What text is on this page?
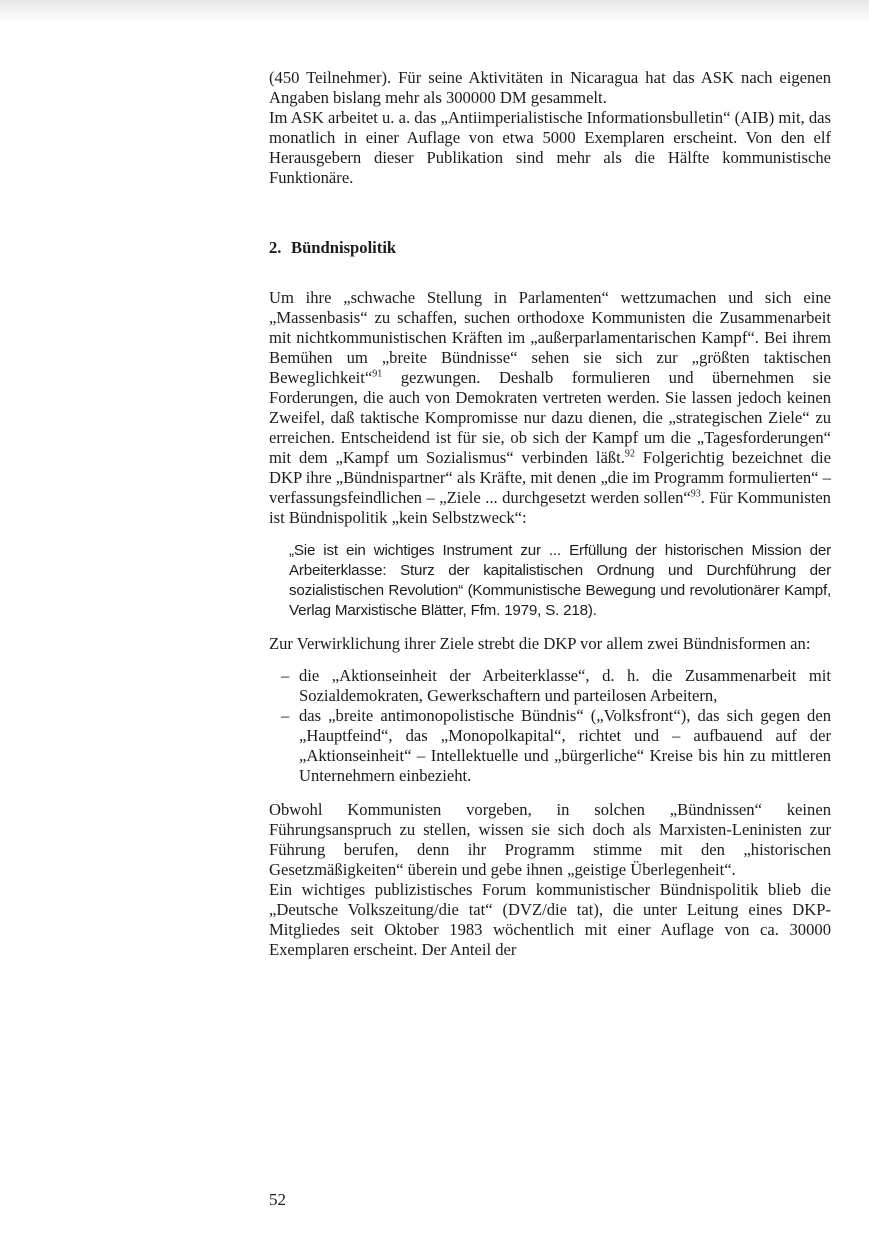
(450 Teilnehmer). Für seine Aktivitäten in Nicaragua hat das ASK nach eigenen Angaben bislang mehr als 300000 DM gesammelt.

Im ASK arbeitet u. a. das „Antiimperialistische Informationsbulletin“ (AIB) mit, das monatlich in einer Auflage von etwa 5000 Exemplaren erscheint. Von den elf Herausgebern dieser Publikation sind mehr als die Hälfte kommunistische Funktionäre.

2. Bündnispolitik

Um ihre „schwache Stellung in Parlamenten“ wettzumachen und sich eine „Massenbasis“ zu schaffen, suchen orthodoxe Kommunisten die Zusammenarbeit mit nichtkommunistischen Kräften im „außerparlamentarischen Kampf“. Bei ihrem Bemühen um „breite Bündnisse“ sehen sie sich zur „größten taktischen Beweglichkeit“$^{91}$ gezwungen. Deshalb formulieren und übernehmen sie Forderungen, die auch von Demokraten vertreten werden. Sie lassen jedoch keinen Zweifel, daß taktische Kompromisse nur dazu dienen, die „strategischen Ziele“ zu erreichen. Entscheidend ist für sie, ob sich der Kampf um die „Tagesforderungen“ mit dem „Kampf um Sozialismus“ verbinden läßt.$^{92}$ Folgerichtig bezeichnet die DKP ihre „Bündnispartner“ als Kräfte, mit denen „die im Programm formulierten“ – verfassungsfeindlichen – „Ziele ... durchgesetzt werden sollen“$^{93}$. Für Kommunisten ist Bündnispolitik „kein Selbstzweck“:

„Sie ist ein wichtiges Instrument zur ... Erfüllung der historischen Mission der Arbeiterklasse: Sturz der kapitalistischen Ordnung und Durchführung der sozialistischen Revolution“ (Kommunistische Bewegung und revolutionärer Kampf, Verlag Marxistische Blätter, Ffm. 1979, S. 218).

Zur Verwirklichung ihrer Ziele strebt die DKP vor allem zwei Bündnisformen an:

– die „Aktionseinheit der Arbeiterklasse“, d. h. die Zusammenarbeit mit Sozialdemokraten, Gewerkschaftern und parteilosen Arbeitern,
– das „breite antimonopolistische Bündnis“ („Volksfront“), das sich gegen den „Hauptfeind“, das „Monopolkapital“, richtet und – aufbauend auf der „Aktionseinheit“ – Intellektuelle und „bürgerliche“ Kreise bis hin zu mittleren Unternehmern einbezieht.

Obwohl Kommunisten vorgeben, in solchen „Bündnissen“ keinen Führungsanspruch zu stellen, wissen sie sich doch als Marxisten-Leninisten zur Führung berufen, denn ihr Programm stimme mit den „historischen Gesetzmäßigkeiten“ überein und gebe ihnen „geistige Überlegenheit“.

Ein wichtiges publizistisches Forum kommunistischer Bündnispolitik blieb die „Deutsche Volkszeitung/die tat“ (DVZ/die tat), die unter Leitung eines DKP-Mitgliedes seit Oktober 1983 wöchentlich mit einer Auflage von ca. 30000 Exemplaren erscheint. Der Anteil der

52
